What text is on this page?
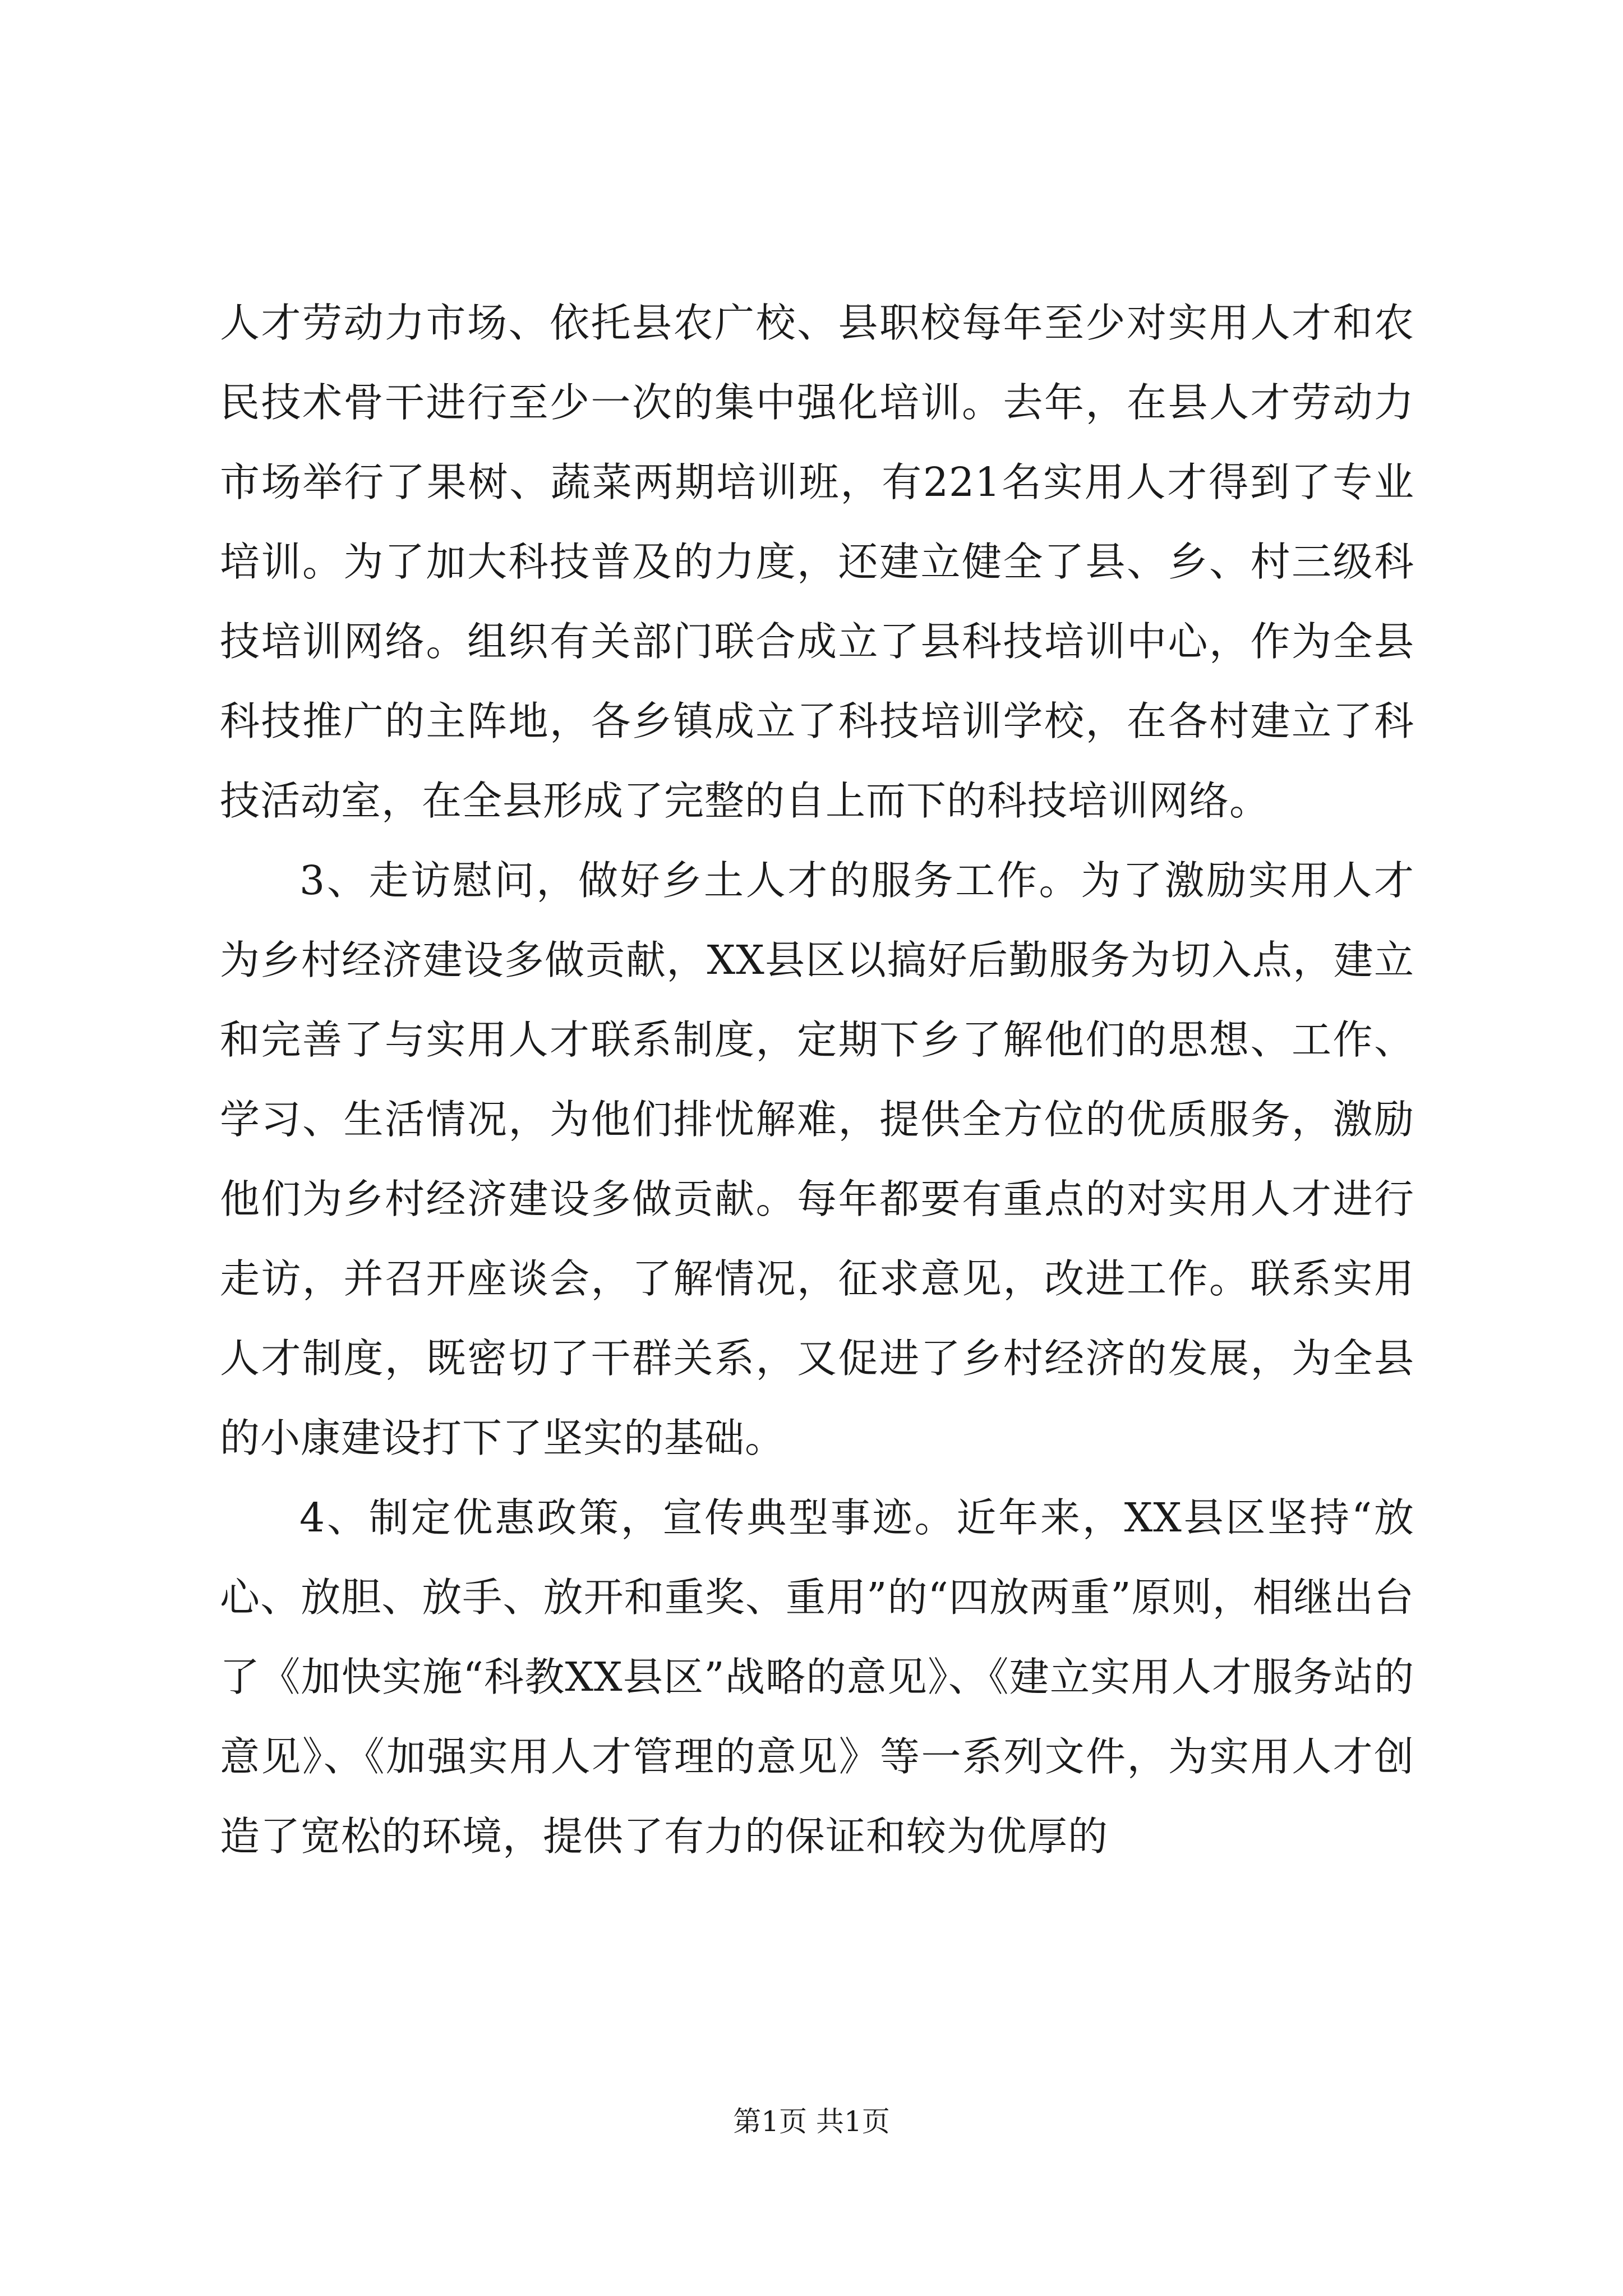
人才劳动力市场、依托县农广校、县职校每年至少对实用人才和农民技术骨干进行至少一次的集中强化培训。去年，在县人才劳动力市场举行了果树、蔬菜两期培训班，有221名实用人才得到了专业培训。为了加大科技普及的力度，还建立健全了县、乡、村三级科技培训网络。组织有关部门联合成立了县科技培训中心，作为全县科技推广的主阵地，各乡镇成立了科技培训学校，在各村建立了科技活动室，在全县形成了完整的自上而下的科技培训网络。

3、走访慰问，做好乡土人才的服务工作。为了激励实用人才为乡村经济建设多做贡献，XX县区以搞好后勤服务为切入点，建立和完善了与实用人才联系制度，定期下乡了解他们的思想、工作、学习、生活情况，为他们排忧解难，提供全方位的优质服务，激励他们为乡村经济建设多做贡献。每年都要有重点的对实用人才进行走访，并召开座谈会，了解情况，征求意见，改进工作。联系实用人才制度，既密切了干群关系，又促进了乡村经济的发展，为全县的小康建设打下了坚实的基础。

4、制定优惠政策，宣传典型事迹。近年来，XX县区坚持“放心、放胆、放手、放开和重奖、重用”的“四放两重”原则，相继出台了《加快实施“科教XX县区”战略的意见》、《建立实用人才服务站的意见》、《加强实用人才管理的意见》等一系列文件，为实用人才创造了宽松的环境，提供了有力的保证和较为优厚的

第1页 共1页
